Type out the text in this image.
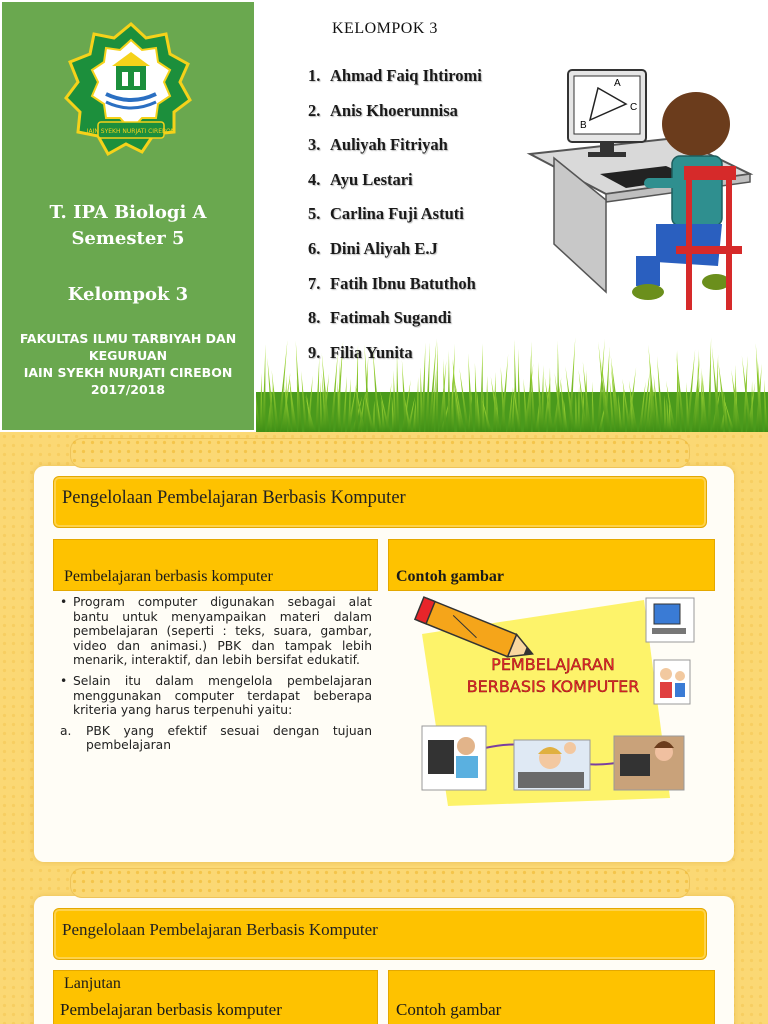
IAIN SYEKH NURJATI CIREBON
T. IPA Biologi A
Semester 5
Kelompok 3
FAKULTAS ILMU TARBIYAH DAN
KEGURUAN
IAIN SYEKH NURJATI CIREBON
2017/2018
KELOMPOK 3
1. Ahmad Faiq Ihtiromi
2. Anis Khoerunnisa
3. Auliyah Fitriyah
4. Ayu Lestari
5. Carlina Fuji Astuti
6. Dini Aliyah E.J
7. Fatih Ibnu Batuthoh
8. Fatimah Sugandi
9. Filia Yunita
A
B
C
Pengelolaan Pembelajaran Berbasis Komputer
Pembelajaran berbasis komputer	Contoh gambar
• Program computer digunakan sebagai alat bantu untuk menyampaikan materi dalam pembelajaran (seperti : teks, suara, gambar, video dan animasi.) PBK dan tampak lebih menarik, interaktif, dan lebih bersifat edukatif.
• Selain itu dalam mengelola pembelajaran menggunakan computer terdapat beberapa kriteria yang harus terpenuhi yaitu:
a.	PBK yang efektif sesuai dengan tujuan pembelajaran
PEMBELAJARAN
BERBASIS KOMPUTER
Pengelolaan Pembelajaran Berbasis Komputer
Lanjutan
Pembelajaran berbasis komputer	Contoh gambar
